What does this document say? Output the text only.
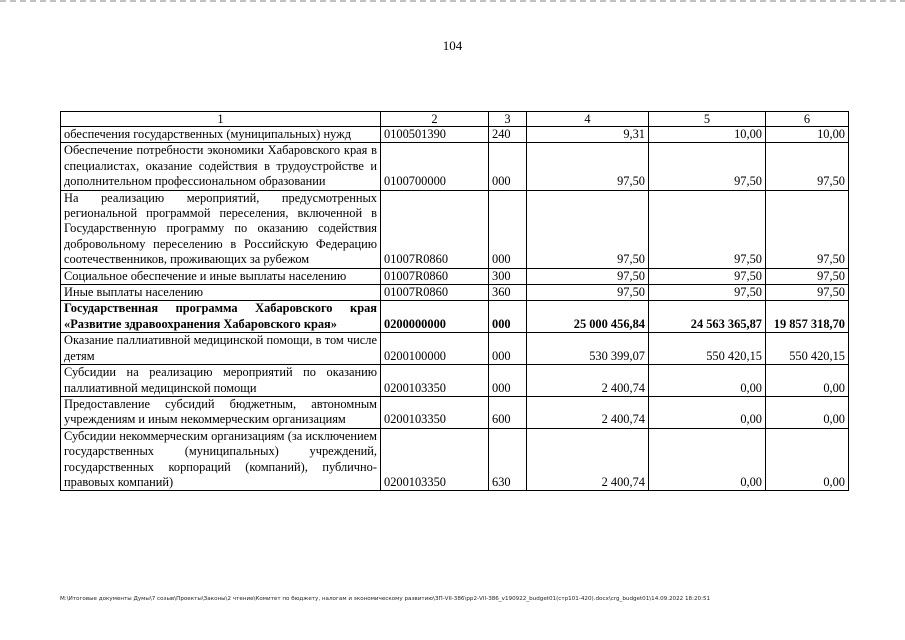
104
1	2	3	4	5	6
обеспечения государственных (муниципальных) нужд	0100501390	240	9,31	10,00	10,00
Обеспечение потребности экономики Хабаровского края в специалистах, оказание содействия в трудоустройстве и дополнительном профессиональном образовании	0100700000	000	97,50	97,50	97,50
На реализацию мероприятий, предусмотренных региональной программой переселения, включенной в Государственную программу по оказанию содействия добровольному переселению в Российскую Федерацию соотечественников, проживающих за рубежом	01007R0860	000	97,50	97,50	97,50
Социальное обеспечение и иные выплаты населению	01007R0860	300	97,50	97,50	97,50
Иные выплаты населению	01007R0860	360	97,50	97,50	97,50
Государственная программа Хабаровского края «Развитие здравоохранения Хабаровского края»	0200000000	000	25 000 456,84	24 563 365,87	19 857 318,70
Оказание паллиативной медицинской помощи, в том числе детям	0200100000	000	530 399,07	550 420,15	550 420,15
Субсидии на реализацию мероприятий по оказанию паллиативной медицинской помощи	0200103350	000	2 400,74	0,00	0,00
Предоставление субсидий бюджетным, автономным учреждениям и иным некоммерческим организациям	0200103350	600	2 400,74	0,00	0,00
Субсидии некоммерческим организациям (за исключением государственных (муниципальных) учреждений, государственных корпораций (компаний), публично-правовых компаний)	0200103350	630	2 400,74	0,00	0,00
M:\Итоговые документы Думы\7 созыв\Проекты\Законы\2 чтение\Комитет по бюджету, налогам и экономическому развитию\ЗП-VII-386\рр2-VII-386_v190922_budget01(стр101-420).docx\crg_budget01\14.09.2022 18:20:51
